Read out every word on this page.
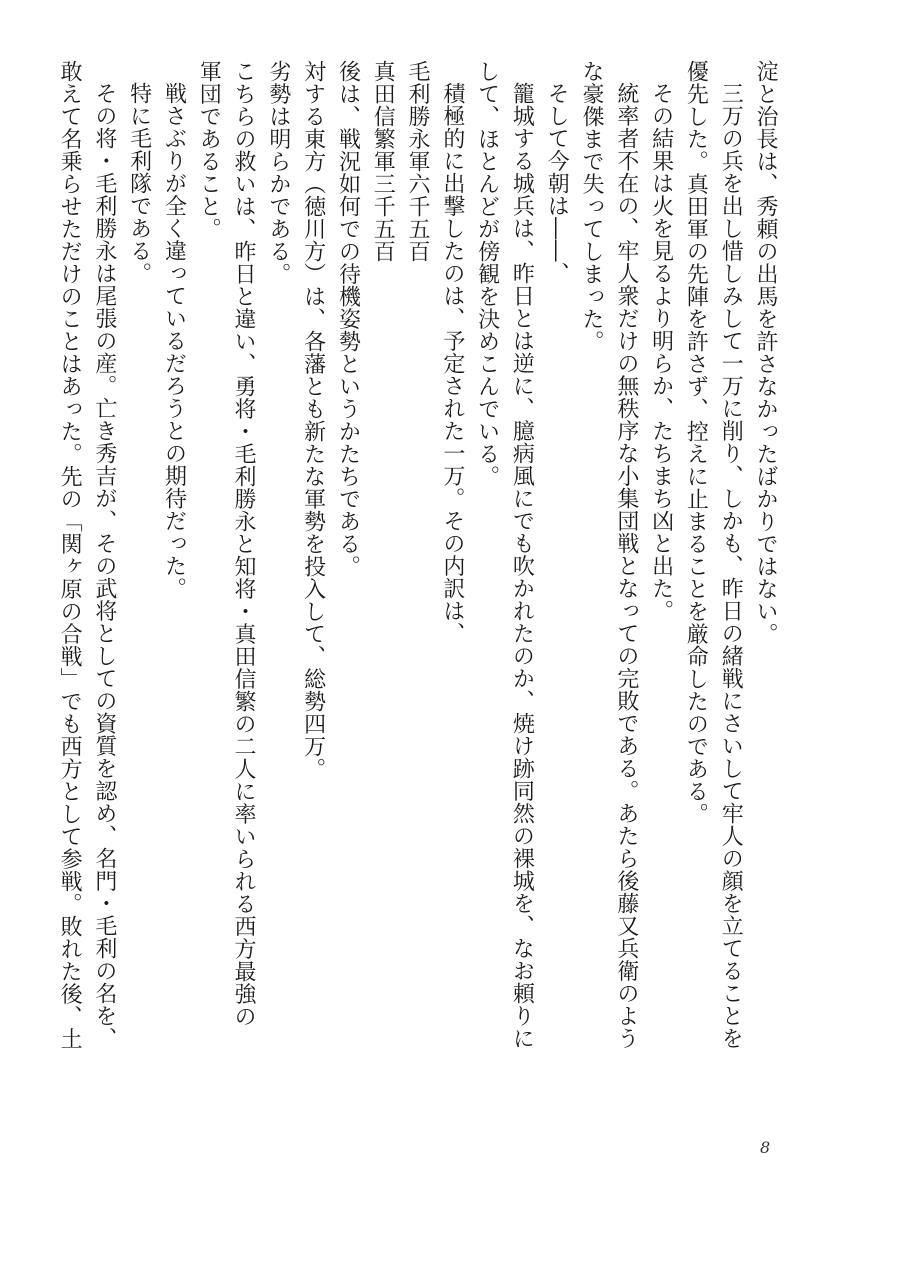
淀と治長は、秀頼の出馬を許さなかったばかりではない。

三万の兵を出し惜しみして一万に削り、しかも、昨日の緒戦にさいして牢人の顔を立てることを

優先した。真田軍の先陣を許さず、控えに止まることを厳命したのである。

その結果は火を見るより明らか、たちまち凶と出た。

統率者不在の、牢人衆だけの無秩序な小集団戦となっての完敗である。あたら後藤又兵衛のよう

な豪傑まで失ってしまった。

そして今朝は――、

籠城する城兵は、昨日とは逆に、臆病風にでも吹かれたのか、焼け跡同然の裸城を、なお頼りに

して、ほとんどが傍観を決めこんでいる。

積極的に出撃したのは、予定された一万。その内訳は、

毛利勝永軍六千五百

真田信繁軍三千五百

後は、戦況如何での待機姿勢というかたちである。

対する東方（徳川方）は、各藩とも新たな軍勢を投入して、総勢四万。

劣勢は明らかである。

こちらの救いは、昨日と違い、勇将・毛利勝永と知将・真田信繁の二人に率いられる西方最強の

軍団であること。

戦さぶりが全く違っているだろうとの期待だった。

特に毛利隊である。

その将・毛利勝永は尾張の産。亡き秀吉が、その武将としての資質を認め、名門・毛利の名を、

敢えて名乗らせただけのことはあった。先の「関ヶ原の合戦」でも西方として参戦。敗れた後、土

8
